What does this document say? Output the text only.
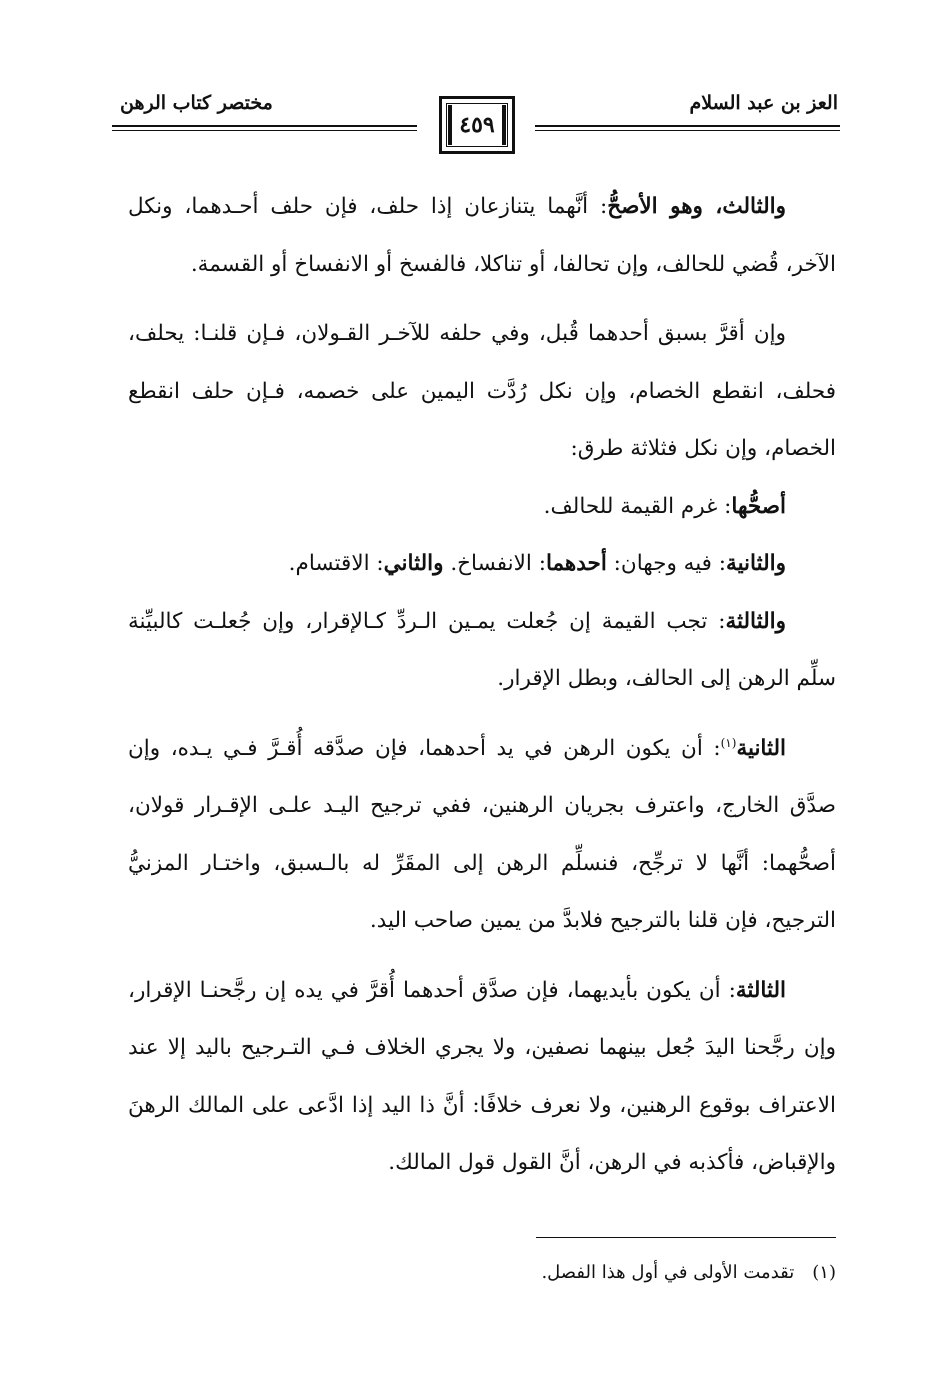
العز بن عبد السلام
مختصر كتاب الرهن
٤٥٩

والثالث، وهو الأصحُّ: أنَّهما يتنازعان إذا حلف، فإن حلف أحـدهما، ونكل الآخر، قُضي للحالف، وإن تحالفا، أو تناكلا، فالفسخ أو الانفساخ أو القسمة.

وإن أقرَّ بسبق أحدهما قُبل، وفي حلفه للآخـر القـولان، فـإن قلنـا: يحلف، فحلف، انقطع الخصام، وإن نكل رُدَّت اليمين على خصمه، فـإن حلف انقطع الخصام، وإن نكل فثلاثة طرق:

أصحُّها: غرم القيمة للحالف.

والثانية: فيه وجهان: أحدهما: الانفساخ. والثاني: الاقتسام.

والثالثة: تجب القيمة إن جُعلت يمـين الـردِّ كـالإقرار، وإن جُعلـت كالبيِّنة سلِّم الرهن إلى الحالف، وبطل الإقرار.

الثانية$^{(١)}$: أن يكون الرهن في يد أحدهما، فإن صدَّقه أُقـرَّ فـي يـده، وإن صدَّق الخارج، واعترف بجريان الرهنين، ففي ترجيح اليـد علـى الإقـرار قولان، أصحُّهما: أنَّها لا ترجِّح، فنسلِّم الرهن إلى المقَرِّ له بالـسبق، واختـار المزنيُّ الترجيح، فإن قلنا بالترجيح فلابدَّ من يمين صاحب اليد.

الثالثة: أن يكون بأيديهما، فإن صدَّق أحدهما أُقرَّ في يده إن رجَّحنـا الإقرار، وإن رجَّحنا اليدَ جُعل بينهما نصفين، ولا يجري الخلاف فـي التـرجيح باليد إلا عند الاعتراف بوقوع الرهنين، ولا نعرف خلافًا: أنَّ ذا اليد إذا ادَّعى على المالك الرهنَ والإقباض، فأكذبه في الرهن، أنَّ القول قول المالك.

(١)تقدمت الأولى في أول هذا الفصل.
